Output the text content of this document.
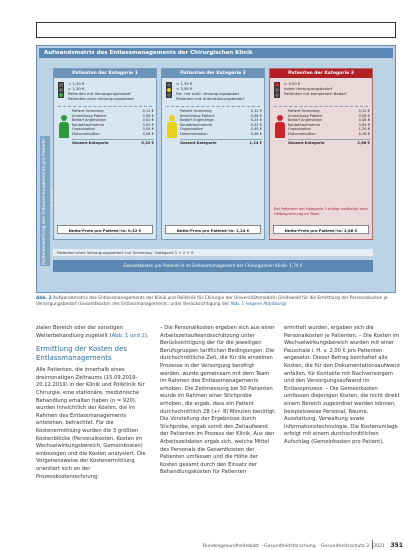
Aufwandsmatrix des Entlassmanagements der Chirurgischen Klinik
Kostenbewertung des Entlassmanagements pro Patient/-
Patienten der Kategorie 1
< 1,30 €
> 1,30 €
Patienten mit Versorgungsbedarf
Patienten ohne Versorgungsbedarf
Patient Screening	0,12 €
Anmeldung Patient	0,08 €
Bedarf Angehörige	0,00 €
Kontaktaufnahme	0,00 €
Organisation	0,04 €
Dokumentation	0,08 €
Gesamt Kategorie	0,32 €
Netto-Preis pro Patient/-in: 0,32 €
Patienten der Kategorie 2
> 1,30 €
< 3,50 €
Pat. mit mittl. Versorgungsbedarf
Patienten mit Unterstützungsbedarf
Patient Screening	0,12 €
Anmeldung Patient	0,08 €
Bedarf Angehörige	0,24 €
Kontaktaufnahme	0,32 €
Organisation	0,40 €
Dokumentation	0,08 €
Gesamt Kategorie	1,24 €
Netto-Preis pro Patient/-in: 1,24 €
Patienten der Kategorie 3
> 3,50 €
hoher Versorgungsbedarf
Patienten mit komplexem Bedarf
Patient Screening	0,12 €
Anmeldung Patient	0,08 €
Bedarf Angehörige	0,48 €
Kontaktaufnahme	0,64 €
Organisation	1,20 €
Dokumentation	0,16 €
Gesamt Kategorie	2,68 €
Bei Patienten der Kategorie 3 erfolgt zusätzlich eine Fallbesprechung im Team
Netto-Preis pro Patient/-in: 2,68 €
Patienten ohne Versorgungsbedarf: nur Screening · Kategorie 1 + 2 + 3
Gesamtkosten pro Patient/-in im Entlassmanagement der Chirurgischen Klinik: 1,74 €
Abb. 2 Aufwandsmatrix des Entlassmanagements der Klinik und Poliklinik für Chirurgie der Universitätsmedizin Greifswald für die Ermittlung der Personalkosten je Versorgungsbedarf (Gesamtkosten des Entlassmanagements: unter Berücksichtigung der Abb. 1 (eigene Abbildung)

zialen Bereich oder der sonstigen Weiterbehandlung zugeteilt (Abb. 1 und 2).

Ermittlung der Kosten des Entlassmanagements

Alle Patienten, die innerhalb eines dreimonatigen Zeitraums (15.09.2019–20.12.2019) in der Klinik und Poliklinik für Chirurgie, eine stationäre, medizinische Behandlung erhalten haben (n = 920), wurden hinsichtlich der Kosten, die im Rahmen des Entlassmanagements entstehen, betrachtet. Für die Kostenermittlung wurden die 3 größten Kostenblöcke (Personalkosten, Kosten im Wechselwirkungsbereich, Gemeinkosten) einbezogen und die Kosten analysiert. Die Vorgehensweise der Kostenermittlung orientiert sich an der Prozesskostenrechnung:

– Die Personalkosten ergeben sich aus einer Arbeitszeitaufwandsschätzung unter Berücksichtigung der für die jeweiligen Berufsgruppen tariflichen Bedingungen. Die durchschnittliche Zeit, die für die einzelnen Prozesse in der Versorgung benötigt werden, wurde gemeinsam mit dem Team im Rahmen des Entlassmanagements erhoben. Die Zeitmessung bei 50 Patienten wurde im Rahmen einer Stichprobe erhoben, die ergab, dass ein Patient durchschnittlich 28 (+/- 8) Minuten benötigt. Die Vorstellung der Ergebnisse durch Stichprobe, ergab somit den Zeitaufwand der Patienten im Prozess der Klinik. Aus den Arbeitszeitdaten ergab sich, welche Mittel des Personals die Gesamtkosten der Patienten umfassen und die Höhe der Kosten gesamt durch den Einsatz der Behandlungskosten für Patienten

ermittelt wurden, ergaben sich die Personalkosten je Patienten. – Die Kosten im Wechselwirkungsbereich wurden mit einer Pauschale i. H. v. 2,00 € pro Patienten angesetzt. Dieser Betrag beinhaltet alle Kosten, die für den Dokumentationsaufwand anfallen, für Kontakte mit Nachversorgern und den Versorgungsaufwand im Entlassprozess. – Die Gemeinkosten umfassen diejenigen Kosten, die nicht direkt einem Bereich zugeordnet werden können, beispielsweise Personal, Räume, Ausstattung, Verwaltung sowie Informationstechnologie. Die Kostenumlage erfolgt mit einem durchschnittlichen Aufschlag (Gemeinkosten pro Patient).

Bundesgesundheitsblatt – Gesundheitsforschung – Gesundheitsschutz 3 · 2021 351
